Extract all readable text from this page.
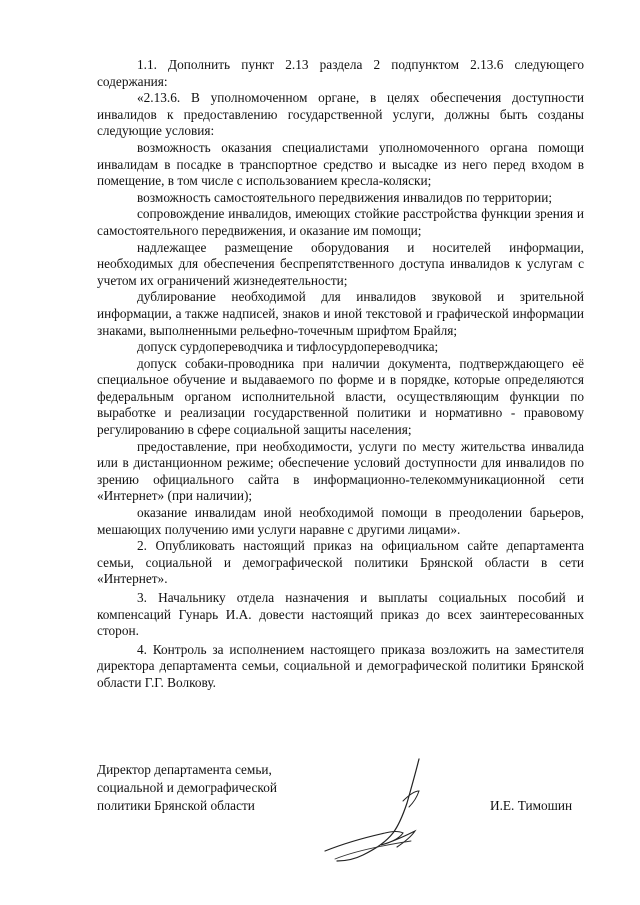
1.1. Дополнить пункт 2.13 раздела 2 подпунктом 2.13.6 следующего содержания:

«2.13.6. В уполномоченном органе, в целях обеспечения доступности инвалидов к предоставлению государственной услуги, должны быть созданы следующие условия:

возможность оказания специалистами уполномоченного органа помощи инвалидам в посадке в транспортное средство и высадке из него перед входом в помещение, в том числе с использованием кресла-коляски;

возможность самостоятельного передвижения инвалидов по территории;

сопровождение инвалидов, имеющих стойкие расстройства функции зрения и самостоятельного передвижения, и оказание им помощи;

надлежащее размещение оборудования и носителей информации, необходимых для обеспечения беспрепятственного доступа инвалидов к услугам с учетом их ограничений жизнедеятельности;

дублирование необходимой для инвалидов звуковой и зрительной информации, а также надписей, знаков и иной текстовой и графической информации знаками, выполненными рельефно-точечным шрифтом Брайля;

допуск сурдопереводчика и тифлосурдопереводчика;

допуск собаки-проводника при наличии документа, подтверждающего её специальное обучение и выдаваемого по форме и в порядке, которые определяются федеральным органом исполнительной власти, осуществляющим функции по выработке и реализации государственной политики и нормативно - правовому регулированию в сфере социальной защиты населения;

предоставление, при необходимости, услуги по месту жительства инвалида или в дистанционном режиме; обеспечение условий доступности для инвалидов по зрению официального сайта в информационно-телекоммуникационной сети «Интернет» (при наличии);

оказание инвалидам иной необходимой помощи в преодолении барьеров, мешающих получению ими услуги наравне с другими лицами».

2. Опубликовать настоящий приказ на официальном сайте департамента семьи, социальной и демографической политики Брянской области в сети «Интернет».

3. Начальнику отдела назначения и выплаты социальных пособий и компенсаций Гунарь И.А. довести настоящий приказ до всех заинтересованных сторон.

4. Контроль за исполнением настоящего приказа возложить на заместителя директора департамента семьи, социальной и демографической политики Брянской области Г.Г. Волкову.

Директор департамента семьи,
социальной и демографической
политики Брянской области	И.Е. Тимошин
